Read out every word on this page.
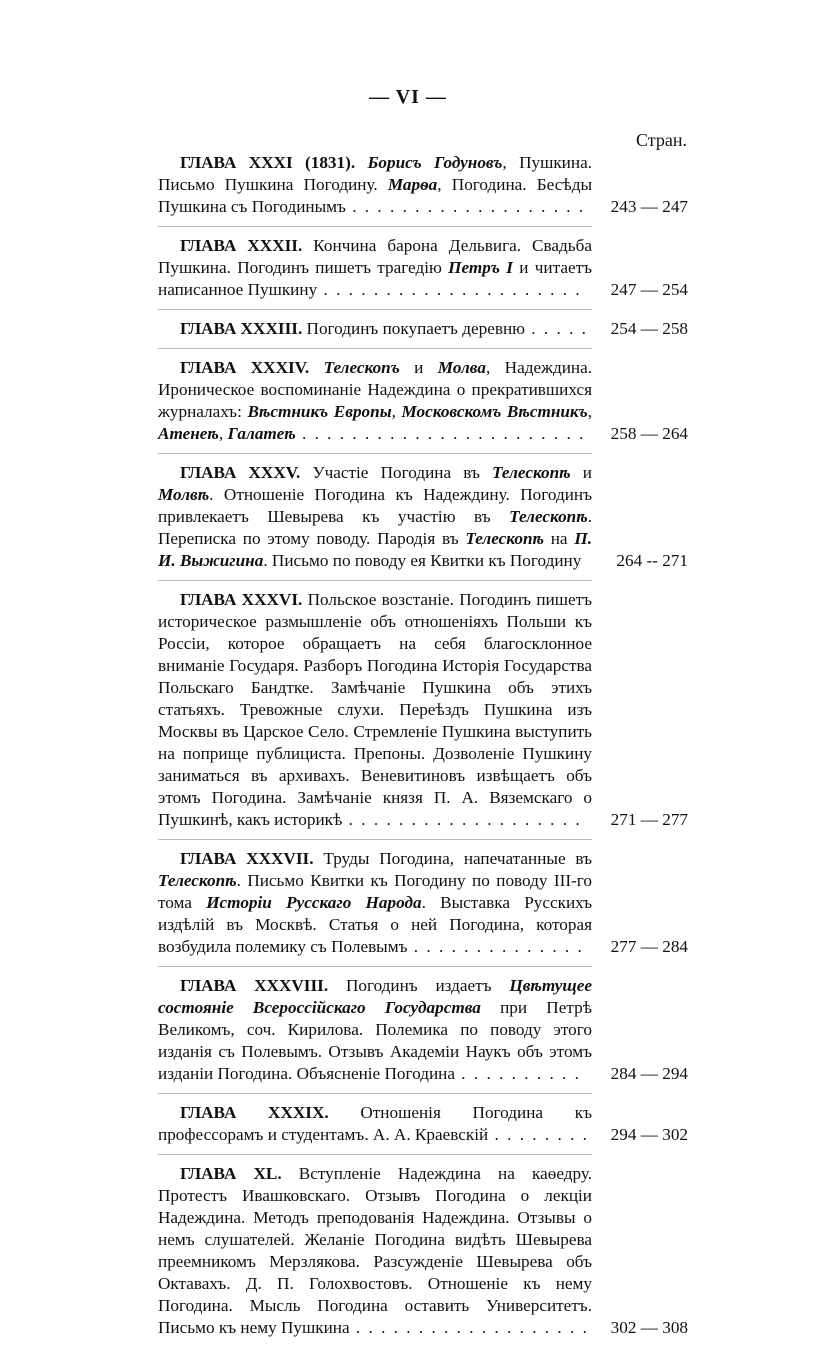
— VI —
Стран.
ГЛАВА XXXI (1831). Борисъ Годуновъ, Пушкина. Письмо Пушкина Погодину. Марѳа, Погодина. Бесѣды Пушкина съ Погодинымъ . . . . . . . . . . . . . . . . . . .	243 — 247
ГЛАВА XXXII. Кончина барона Дельвига. Свадьба Пушкина. Погодинъ пишетъ трагедію Петръ I и читаетъ написанное Пушкину . . . . . . . . . . . . . . . . . . . . .	247 — 254
ГЛАВА XXXIII. Погодинъ покупаетъ деревню . . . . .	254 — 258
ГЛАВА XXXIV. Телескопъ и Молва, Надеждина. Ироническое воспоминаніе Надеждина о прекратившихся журналахъ: Вѣстникъ Европы, Московскомъ Вѣстникъ, Атенеѣ, Галатеѣ . . . . . . . . . . . . . . . . . . . . . . .	258 — 264
ГЛАВА XXXV. Участіе Погодина въ Телескопѣ и Молвѣ. Отношеніе Погодина къ Надеждину. Погодинъ привлекаетъ Шевырева къ участію въ Телескопѣ. Переписка по этому поводу. Пародія въ Телескопѣ на П. И. Выжигина. Письмо по поводу ея Квитки къ Погодину	264 -- 271
ГЛАВА XXXVI. Польское возстаніе. Погодинъ пишетъ историческое размышленіе объ отношеніяхъ Польши къ Россіи, которое обращаетъ на себя благосклонное вниманіе Государя. Разборъ Погодина Исторія Государства Польскаго Бандтке. Замѣчаніе Пушкина объ этихъ статьяхъ. Тревожные слухи. Переѣздъ Пушкина изъ Москвы въ Царское Село. Стремленіе Пушкина выступить на поприще публициста. Препоны. Дозволеніе Пушкину заниматься въ архивахъ. Веневитиновъ извѣщаетъ объ этомъ Погодина. Замѣчаніе князя П. А. Вяземскаго о Пушкинѣ, какъ историкѣ . . . . . . . . . . . . . . . . . . .	271 — 277
ГЛАВА XXXVII. Труды Погодина, напечатанные въ Телескопѣ. Письмо Квитки къ Погодину по поводу III-го тома Исторіи Русскаго Народа. Выставка Русскихъ издѣлій въ Москвѣ. Статья о ней Погодина, которая возбудила полемику съ Полевымъ . . . . . . . . . . . . . .	277 — 284
ГЛАВА XXXVIII. Погодинъ издаетъ Цвѣтущее состояніе Всероссійскаго Государства при Петрѣ Великомъ, соч. Кирилова. Полемика по поводу этого изданія съ Полевымъ. Отзывъ Академіи Наукъ объ этомъ изданіи Погодина. Объясненіе Погодина . . . . . . . . . .	284 — 294
ГЛАВА XXXIX. Отношенія Погодина къ профессорамъ и студентамъ. А. А. Краевскій . . . . . . . .	294 — 302
ГЛАВА XL. Вступленіе Надеждина на каѳедру. Протестъ Ивашковскаго. Отзывъ Погодина о лекціи Надеждина. Методъ преподованія Надеждина. Отзывы о немъ слушателей. Желаніе Погодина видѣть Шевырева преемникомъ Мерзлякова. Разсужденіе Шевырева объ Октавахъ. Д. П. Голохвостовъ. Отношеніе къ нему Погодина. Мысль Погодина оставить Университетъ. Письмо къ нему Пушкина . . . . . . . . . . . . . . . . . . .	302 — 308
